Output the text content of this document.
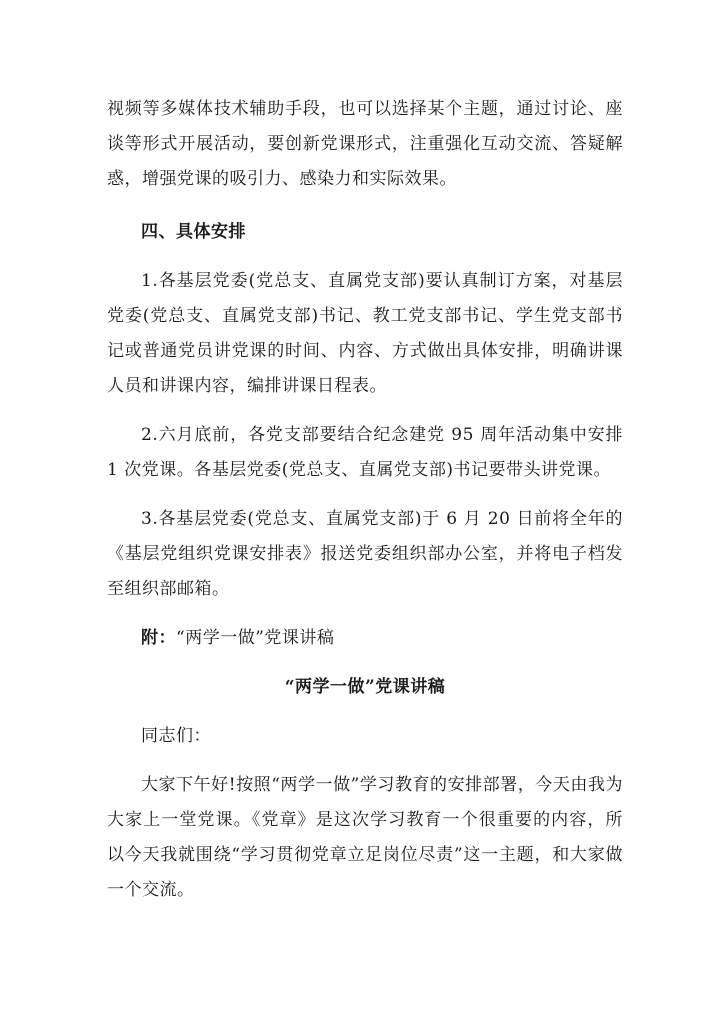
视频等多媒体技术辅助手段，也可以选择某个主题，通过讨论、座谈等形式开展活动，要创新党课形式，注重强化互动交流、答疑解惑，增强党课的吸引力、感染力和实际效果。

四、具体安排

1.各基层党委(党总支、直属党支部)要认真制订方案，对基层党委(党总支、直属党支部)书记、教工党支部书记、学生党支部书记或普通党员讲党课的时间、内容、方式做出具体安排，明确讲课人员和讲课内容，编排讲课日程表。

2.六月底前，各党支部要结合纪念建党 95 周年活动集中安排 1 次党课。各基层党委(党总支、直属党支部)书记要带头讲党课。

3.各基层党委(党总支、直属党支部)于 6 月 20 日前将全年的《基层党组织党课安排表》报送党委组织部办公室，并将电子档发至组织部邮箱。

附：“两学一做”党课讲稿

“两学一做”党课讲稿

同志们：

大家下午好!按照“两学一做”学习教育的安排部署，今天由我为大家上一堂党课。《党章》是这次学习教育一个很重要的内容，所以今天我就围绕“学习贯彻党章立足岗位尽责”这一主题，和大家做一个交流。
